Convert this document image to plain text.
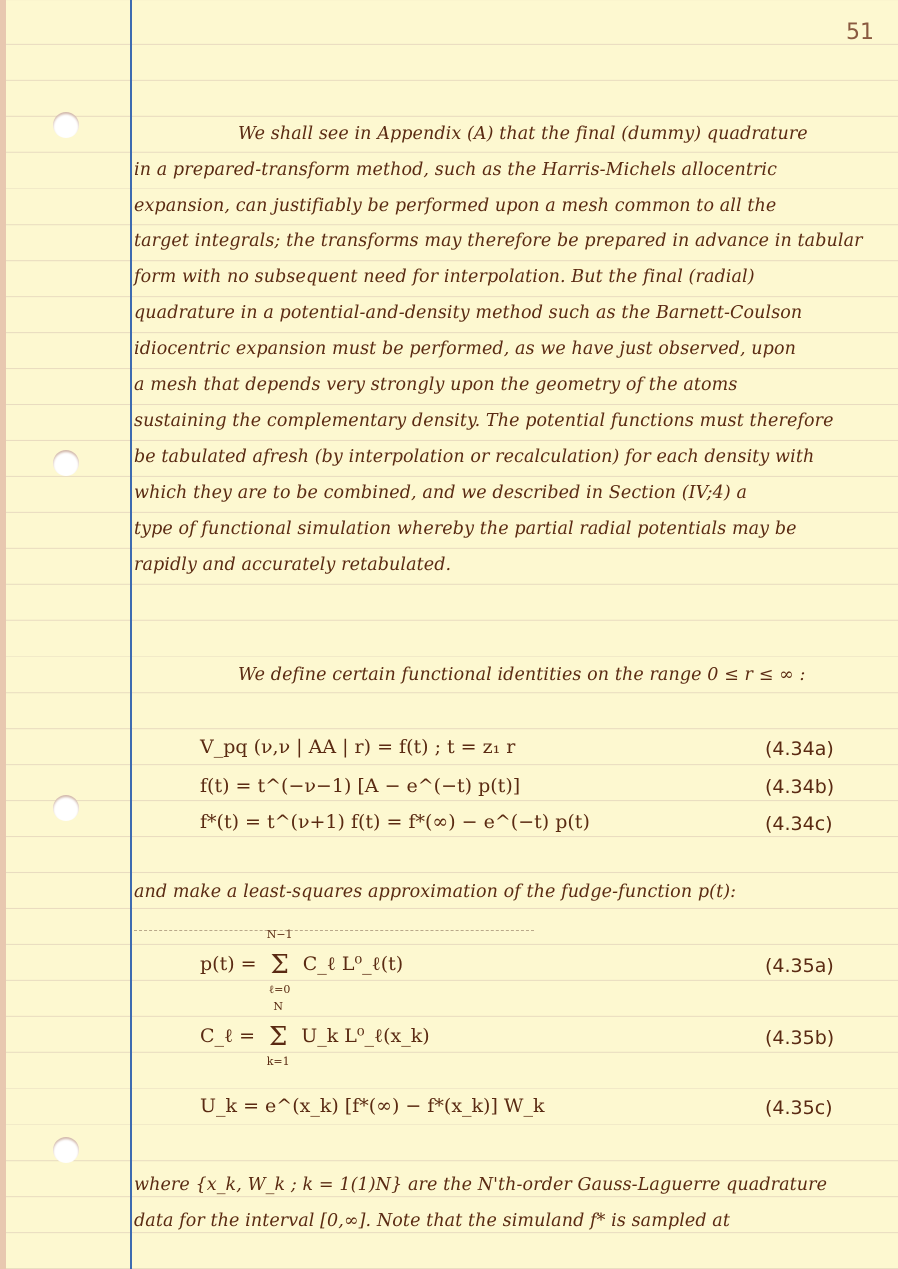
51
We shall see in Appendix (A) that the final (dummy) quadrature
in a prepared-transform method, such as the Harris-Michels allocentric
expansion, can justifiably be performed upon a mesh common to all the
target integrals; the transforms may therefore be prepared in advance in tabular
form with no subsequent need for interpolation. But the final (radial)
quadrature in a potential-and-density method such as the Barnett-Coulson
idiocentric expansion must be performed, as we have just observed, upon
a mesh that depends very strongly upon the geometry of the atoms
sustaining the complementary density. The potential functions must therefore
be tabulated afresh (by interpolation or recalculation) for each density with
which they are to be combined, and we described in Section (IV;4) a
type of functional simulation whereby the partial radial potentials may be
rapidly and accurately retabulated.
We define certain functional identities on the range 0 ≤ r ≤ ∞ :
V_pq (ν,ν | AA | r) = f(t) ; t = z₁ r	(4.34a)
f(t) = t^(−ν−1) [A − e^(−t) p(t)]	(4.34b)
f*(t) = t^(ν+1) f(t) = f*(∞) − e^(−t) p(t)	(4.34c)
and make a least-squares approximation of the fudge-function p(t):
p(t) =
N−1
Σ
ℓ=0
C_ℓ L⁰_ℓ(t)	(4.35a)
C_ℓ =
N
Σ
k=1
U_k L⁰_ℓ(x_k)	(4.35b)
U_k = e^(x_k) [f*(∞) − f*(x_k)] W_k	(4.35c)
where {x_k, W_k ; k = 1(1)N} are the N'th-order Gauss-Laguerre quadrature
data for the interval [0,∞]. Note that the simuland f* is sampled at
